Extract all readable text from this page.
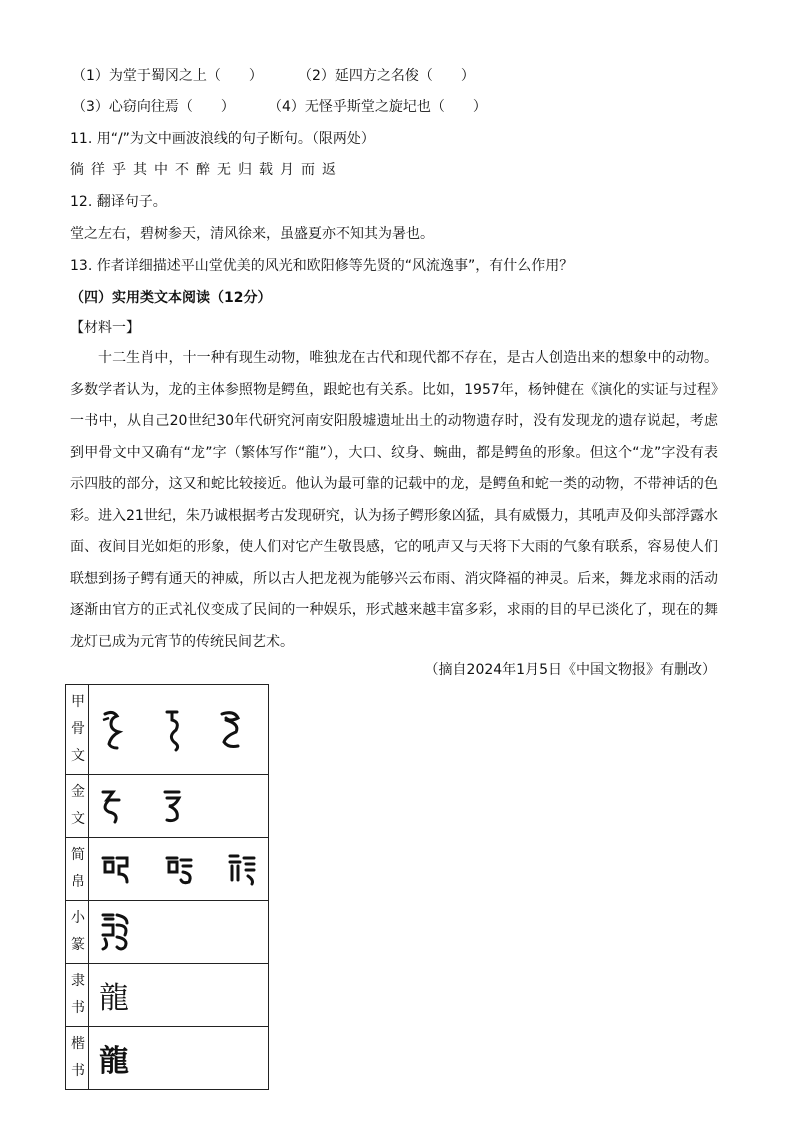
（1）为堂于蜀冈之上（　　）	（2）延四方之名俊（　　）
（3）心窃向往焉（　　） （4）无怪乎斯堂之旋圮也（　　）
11. 用“/”为文中画波浪线的句子断句。（限两处）
徜徉乎其中不醉无归载月而返
12. 翻译句子。
堂之左右，碧树参天，清风徐来，虽盛夏亦不知其为暑也。
13. 作者详细描述平山堂优美的风光和欧阳修等先贤的“风流逸事”，有什么作用？
（四）实用类文本阅读（12分）
【材料一】

十二生肖中，十一种有现生动物，唯独龙在古代和现代都不存在，是古人创造出来的想象中的动物。多数学者认为，龙的主体参照物是鳄鱼，跟蛇也有关系。比如，1957年，杨钟健在《演化的实证与过程》一书中，从自己20世纪30年代研究河南安阳殷墟遗址出土的动物遗存时，没有发现龙的遗存说起，考虑到甲骨文中又确有“龙”字（繁体写作“龍”），大口、纹身、蜿曲，都是鳄鱼的形象。但这个“龙”字没有表示四肢的部分，这又和蛇比较接近。他认为最可靠的记载中的龙，是鳄鱼和蛇一类的动物，不带神话的色彩。进入21世纪，朱乃诚根据考古发现研究，认为扬子鳄形象凶猛，具有威慑力，其吼声及仰头部浮露水面、夜间目光如炬的形象，使人们对它产生敬畏感，它的吼声又与天将下大雨的气象有联系，容易使人们联想到扬子鳄有通天的神威，所以古人把龙视为能够兴云布雨、消灾降福的神灵。后来，舞龙求雨的活动逐渐由官方的正式礼仪变成了民间的一种娱乐，形式越来越丰富多彩，求雨的目的早已淡化了，现在的舞龙灯已成为元宵节的传统民间艺术。

（摘自2024年1月5日《中国文物报》有删改）
甲骨文	
金文	
简帛	
小篆	
隶书	龍
楷书	龍
